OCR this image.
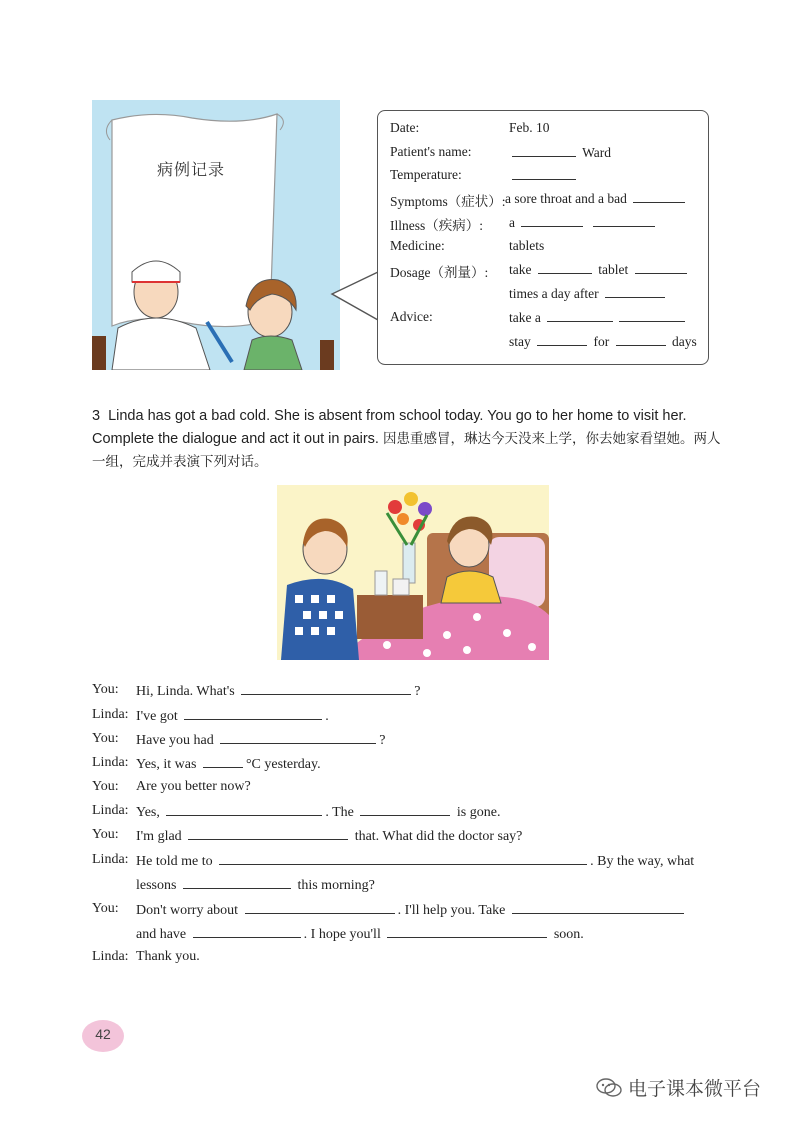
病例记录
Date:	Feb. 10
Patient's name:	Ward
Temperature:
Symptoms（症状）: a sore throat and a bad
Illness（疾病）: a
Medicine:	tablets
Dosage（剂量）: take	tablet
times a day after
Advice:	take a
stay	for	days
3 Linda has got a bad cold. She is absent from school today. You go to her home to visit her. Complete the dialogue and act it out in pairs. 因患重感冒，琳达今天没来上学，你去她家看望她。两人一组，完成并表演下列对话。
You: Hi, Linda. What's	?
Linda: I've got	.
You: Have you had	?
Linda: Yes, it was	°C yesterday.
You: Are you better now?
Linda: Yes,	. The	is gone.
You: I'm glad	that. What did the doctor say?
Linda: He told me to	. By the way, what
lessons	this morning?
You: Don't worry about	. I'll help you. Take
and have	. I hope you'll	soon.
Linda: Thank you.
42
电子课本微平台
